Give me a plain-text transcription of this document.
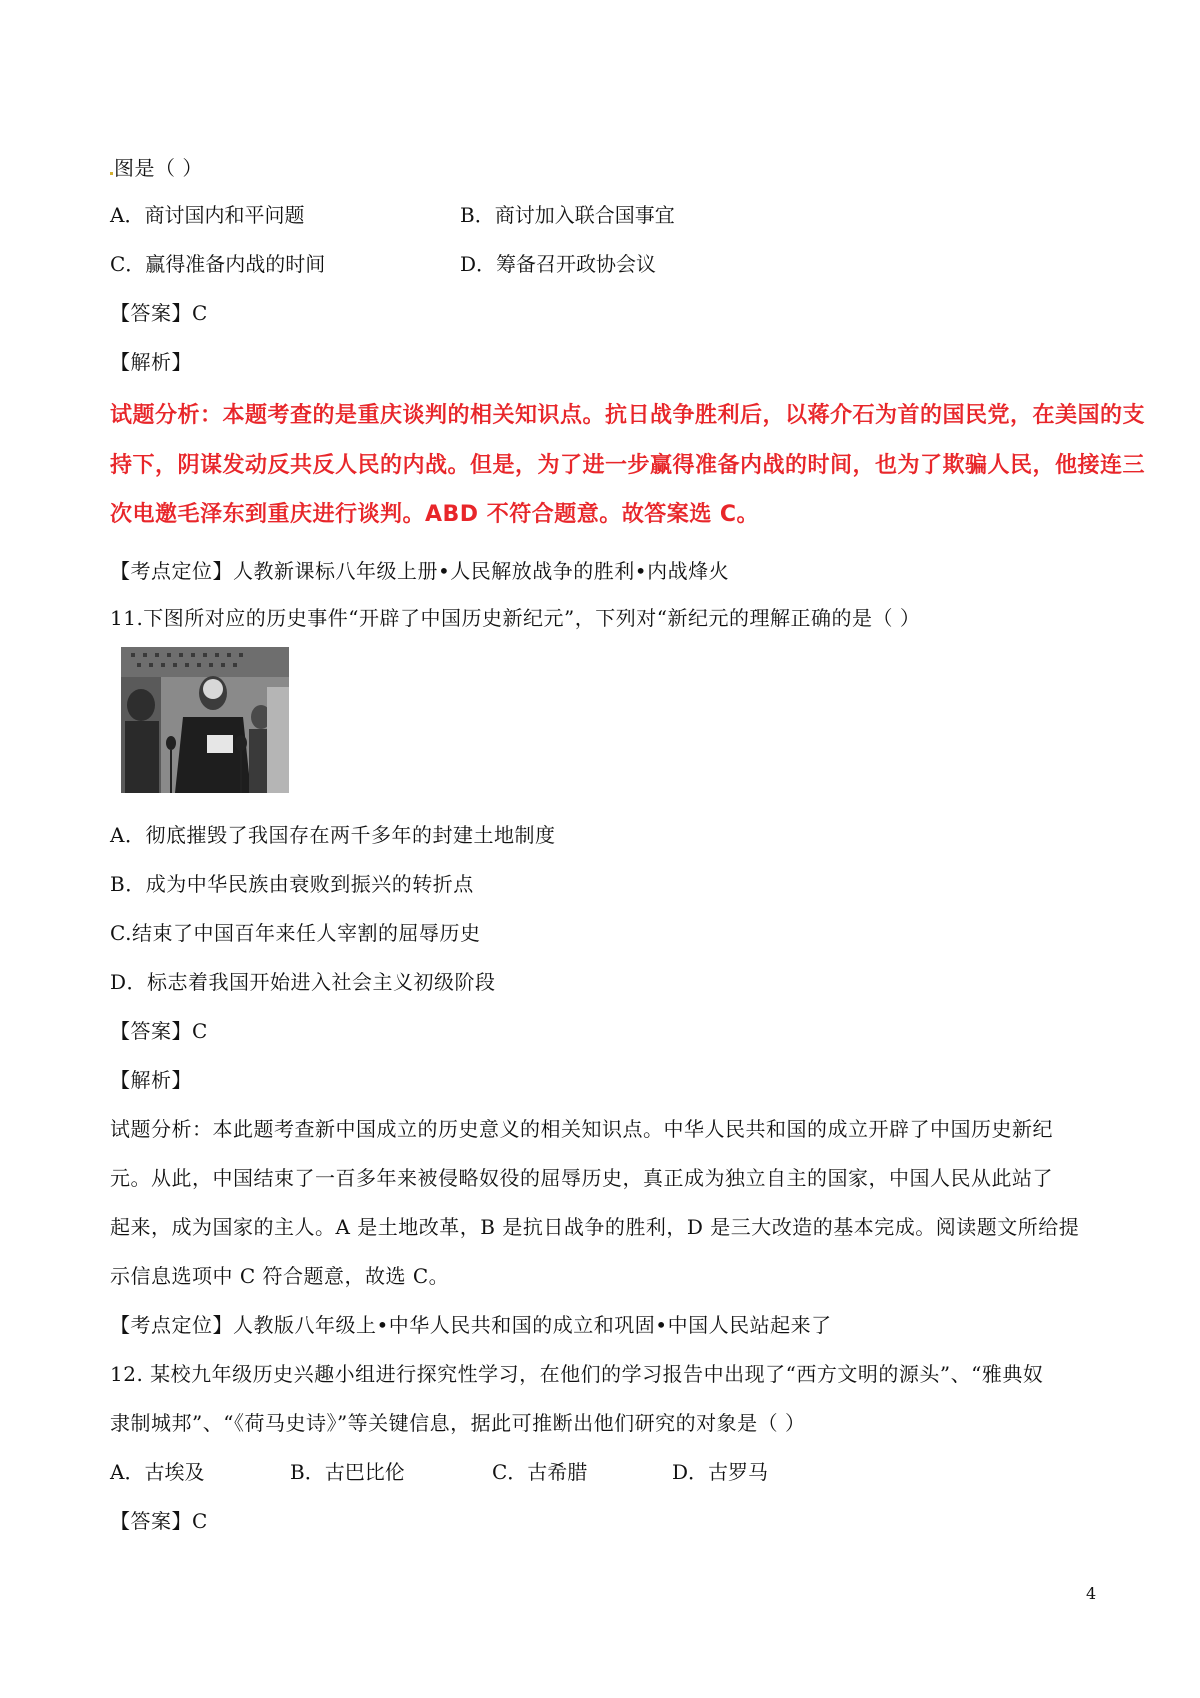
图是（ ）
A．商讨国内和平问题	B．商讨加入联合国事宜
C．赢得准备内战的时间	D．筹备召开政协会议
【答案】C
【解析】
试题分析：本题考查的是重庆谈判的相关知识点。抗日战争胜利后，以蒋介石为首的国民党，在美国的支
持下，阴谋发动反共反人民的内战。但是，为了进一步赢得准备内战的时间，也为了欺骗人民，他接连三
次电邀毛泽东到重庆进行谈判。ABD 不符合题意。故答案选 C。
【考点定位】人教新课标八年级上册•人民解放战争的胜利•内战烽火
11.下图所对应的历史事件“开辟了中国历史新纪元”，下列对“新纪元的理解正确的是（ ）
A．彻底摧毁了我国存在两千多年的封建土地制度
B．成为中华民族由衰败到振兴的转折点
C.结束了中国百年来任人宰割的屈辱历史
D．标志着我国开始进入社会主义初级阶段
【答案】C
【解析】
试题分析：本此题考查新中国成立的历史意义的相关知识点。中华人民共和国的成立开辟了中国历史新纪
元。从此，中国结束了一百多年来被侵略奴役的屈辱历史，真正成为独立自主的国家，中国人民从此站了
起来，成为国家的主人。A 是土地改革，B 是抗日战争的胜利，D 是三大改造的基本完成。阅读题文所给提
示信息选项中 C 符合题意，故选 C。
【考点定位】人教版八年级上•中华人民共和国的成立和巩固•中国人民站起来了
12. 某校九年级历史兴趣小组进行探究性学习，在他们的学习报告中出现了“西方文明的源头”、“雅典奴
隶制城邦”、“《荷马史诗》”等关键信息，据此可推断出他们研究的对象是（ ）
A．古埃及	B．古巴比伦	C．古希腊	D．古罗马
【答案】C
4
